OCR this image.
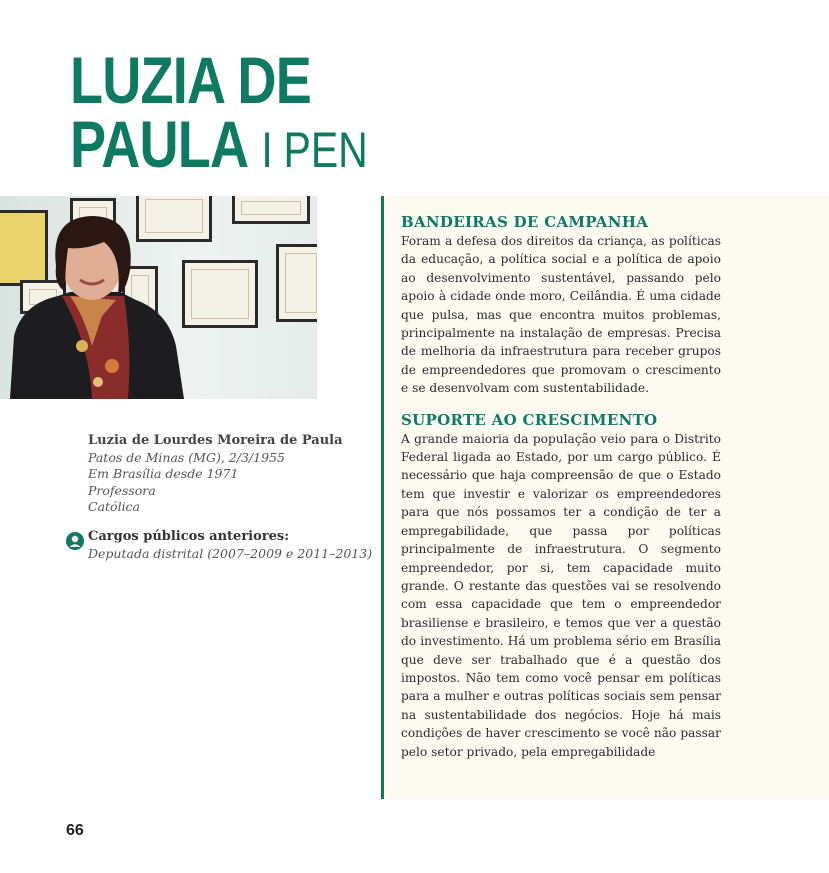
LUZIA DE
PAULA I PEN
Luzia de Lourdes Moreira de Paula
Patos de Minas (MG), 2/3/1955
Em Brasília desde 1971
Professora
Católica
Cargos públicos anteriores:
Deputada distrital (2007–2009 e 2011–2013)
BANDEIRAS DE CAMPANHA

Foram a defesa dos direitos da criança, as políticas da educação, a política social e a política de apoio ao desenvolvimento sustentável, passando pelo apoio à cidade onde moro, Ceilândia. É uma cidade que pulsa, mas que encontra muitos problemas, principalmente na instalação de empresas. Precisa de melhoria da infraestrutura para receber grupos de empreendedores que promovam o crescimento e se desenvolvam com sustentabilidade.

SUPORTE AO CRESCIMENTO

A grande maioria da população veio para o Distrito Federal ligada ao Estado, por um cargo público. É necessário que haja compreensão de que o Estado tem que investir e valorizar os empreendedores para que nós possamos ter a condição de ter a empregabilidade, que passa por políticas principalmente de infraestrutura. O segmento empreendedor, por si, tem capacidade muito grande. O restante das questões vai se resolvendo com essa capacidade que tem o empreendedor brasiliense e brasileiro, e temos que ver a questão do investimento. Há um problema sério em Brasília que deve ser trabalhado que é a questão dos impostos. Não tem como você pensar em políticas para a mulher e outras políticas sociais sem pensar na sustentabilidade dos negócios. Hoje há mais condições de haver crescimento se você não passar pelo setor privado, pela empregabilidade

66
